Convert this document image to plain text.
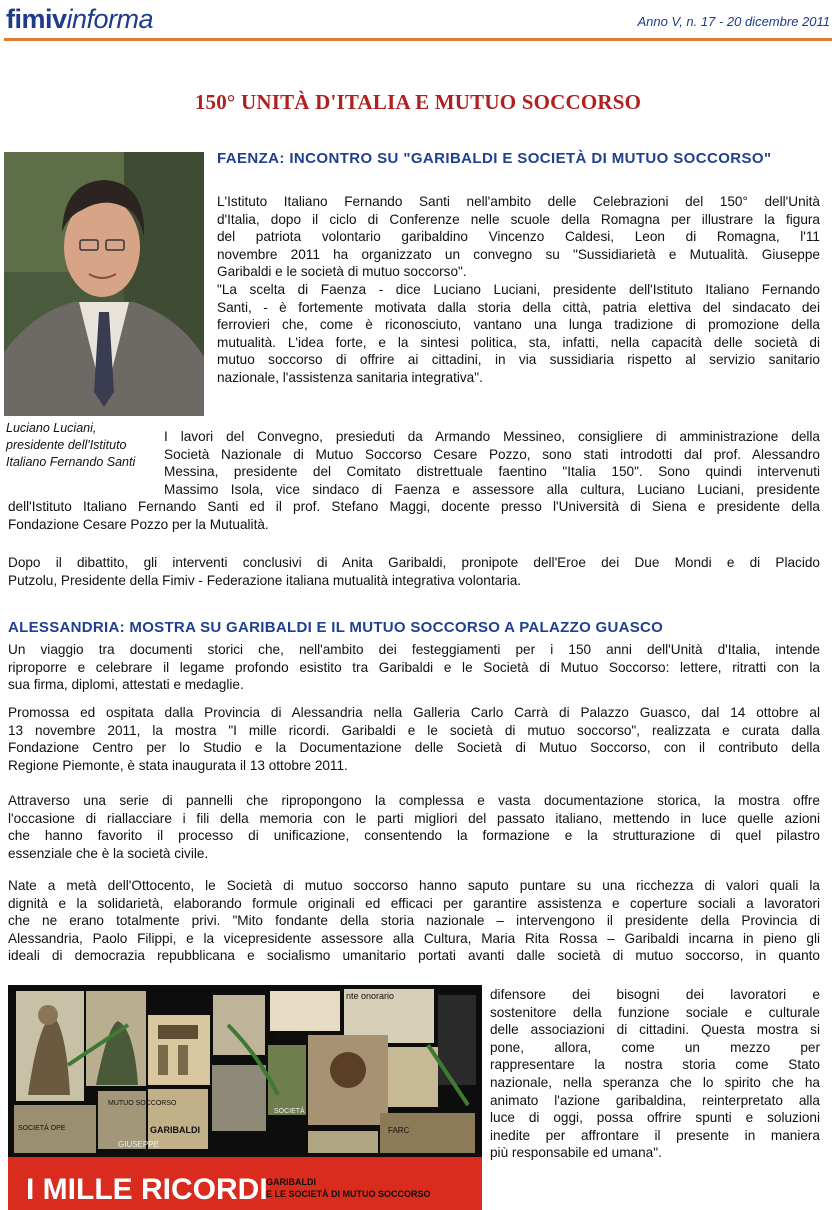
fimivinforma	Anno V, n. 17 - 20 dicembre 2011
150° UNITÀ D'ITALIA E MUTUO SOCCORSO
Luciano Luciani,
presidente dell'Istituto
Italiano Fernando Santi
FAENZA: INCONTRO SU "GARIBALDI E SOCIETÀ DI MUTUO SOCCORSO"
L'Istituto Italiano Fernando Santi nell'ambito delle Celebrazioni del 150° dell'Unità
d'Italia, dopo il ciclo di Conferenze nelle scuole della Romagna per illustrare la figura
del patriota volontario garibaldino Vincenzo Caldesi, Leon di Romagna, l'11
novembre 2011 ha organizzato un convegno su "Sussidiarietà e Mutualità. Giuseppe
Garibaldi e le società di mutuo soccorso".
"La scelta di Faenza - dice Luciano Luciani, presidente dell'Istituto Italiano Fernando
Santi, - è fortemente motivata dalla storia della città, patria elettiva del sindacato dei
ferrovieri che, come è riconosciuto, vantano una lunga tradizione di promozione della
mutualità. L'idea forte, e la sintesi politica, sta, infatti, nella capacità delle società di
mutuo soccorso di offrire ai cittadini, in via sussidiaria rispetto al servizio sanitario
nazionale, l'assistenza sanitaria integrativa".
I lavori del Convegno, presieduti da Armando Messineo, consigliere di amministrazione della
Società Nazionale di Mutuo Soccorso Cesare Pozzo, sono stati introdotti dal prof. Alessandro
Messina, presidente del Comitato distrettuale faentino "Italia 150". Sono quindi intervenuti
Massimo Isola, vice sindaco di Faenza e assessore alla cultura, Luciano Luciani, presidente
dell'Istituto Italiano Fernando Santi ed il prof. Stefano Maggi, docente presso l'Università di Siena e presidente della
Fondazione Cesare Pozzo per la Mutualità.
Dopo il dibattito, gli interventi conclusivi di Anita Garibaldi, pronipote dell'Eroe dei Due Mondi e di Placido
Putzolu, Presidente della Fimiv - Federazione italiana mutualità integrativa volontaria.
ALESSANDRIA: MOSTRA SU GARIBALDI E IL MUTUO SOCCORSO A PALAZZO GUASCO
Un viaggio tra documenti storici che, nell'ambito dei festeggiamenti per i 150 anni dell'Unità d'Italia, intende
riproporre e celebrare il legame profondo esistito tra Garibaldi e le Società di Mutuo Soccorso: lettere, ritratti con la
sua firma, diplomi, attestati e medaglie.
Promossa ed ospitata dalla Provincia di Alessandria nella Galleria Carlo Carrà di Palazzo Guasco, dal 14 ottobre al
13 novembre 2011, la mostra "I mille ricordi. Garibaldi e le società di mutuo soccorso", realizzata e curata dalla
Fondazione Centro per lo Studio e la Documentazione delle Società di Mutuo Soccorso, con il contributo della
Regione Piemonte, è stata inaugurata il 13 ottobre 2011.
Attraverso una serie di pannelli che ripropongono la complessa e vasta documentazione storica, la mostra offre
l'occasione di riallacciare i fili della memoria con le parti migliori del passato italiano, mettendo in luce quelle azioni
che hanno favorito il processo di unificazione, consentendo la formazione e la strutturazione di quel pilastro
essenziale che è la società civile.
Nate a metà dell'Ottocento, le Società di mutuo soccorso hanno saputo puntare su una ricchezza di valori quali la
dignità e la solidarietà, elaborando formule originali ed efficaci per garantire assistenza e coperture sociali a lavoratori
che ne erano totalmente privi. "Mito fondante della storia nazionale – intervengono il presidente della Provincia di
Alessandria, Paolo Filippi, e la vicepresidente assessore alla Cultura, Maria Rita Rossa – Garibaldi incarna in pieno gli
ideali di democrazia repubblicana e socialismo umanitario portati avanti dalle società di mutuo soccorso, in quanto
difensore dei bisogni dei lavoratori e
sostenitore della funzione sociale e culturale
delle associazioni di cittadini. Questa mostra si
pone, allora, come un mezzo per
rappresentare la nostra storia come Stato
nazionale, nella speranza che lo spirito che ha
animato l'azione garibaldina, reinterpretato alla
luce di oggi, possa offrire spunti e soluzioni
inedite per affrontare il presente in maniera
più responsabile ed umana".
Preside
nte onorario
MUTUO SOCCORSO
SOCIETÀ OPE	GARIBALDI
GIUSEPPE
SOCIETÀ
FARC
I MILLE RICORDI
GARIBALDI
E LE SOCIETÀ DI MUTUO SOCCORSO
